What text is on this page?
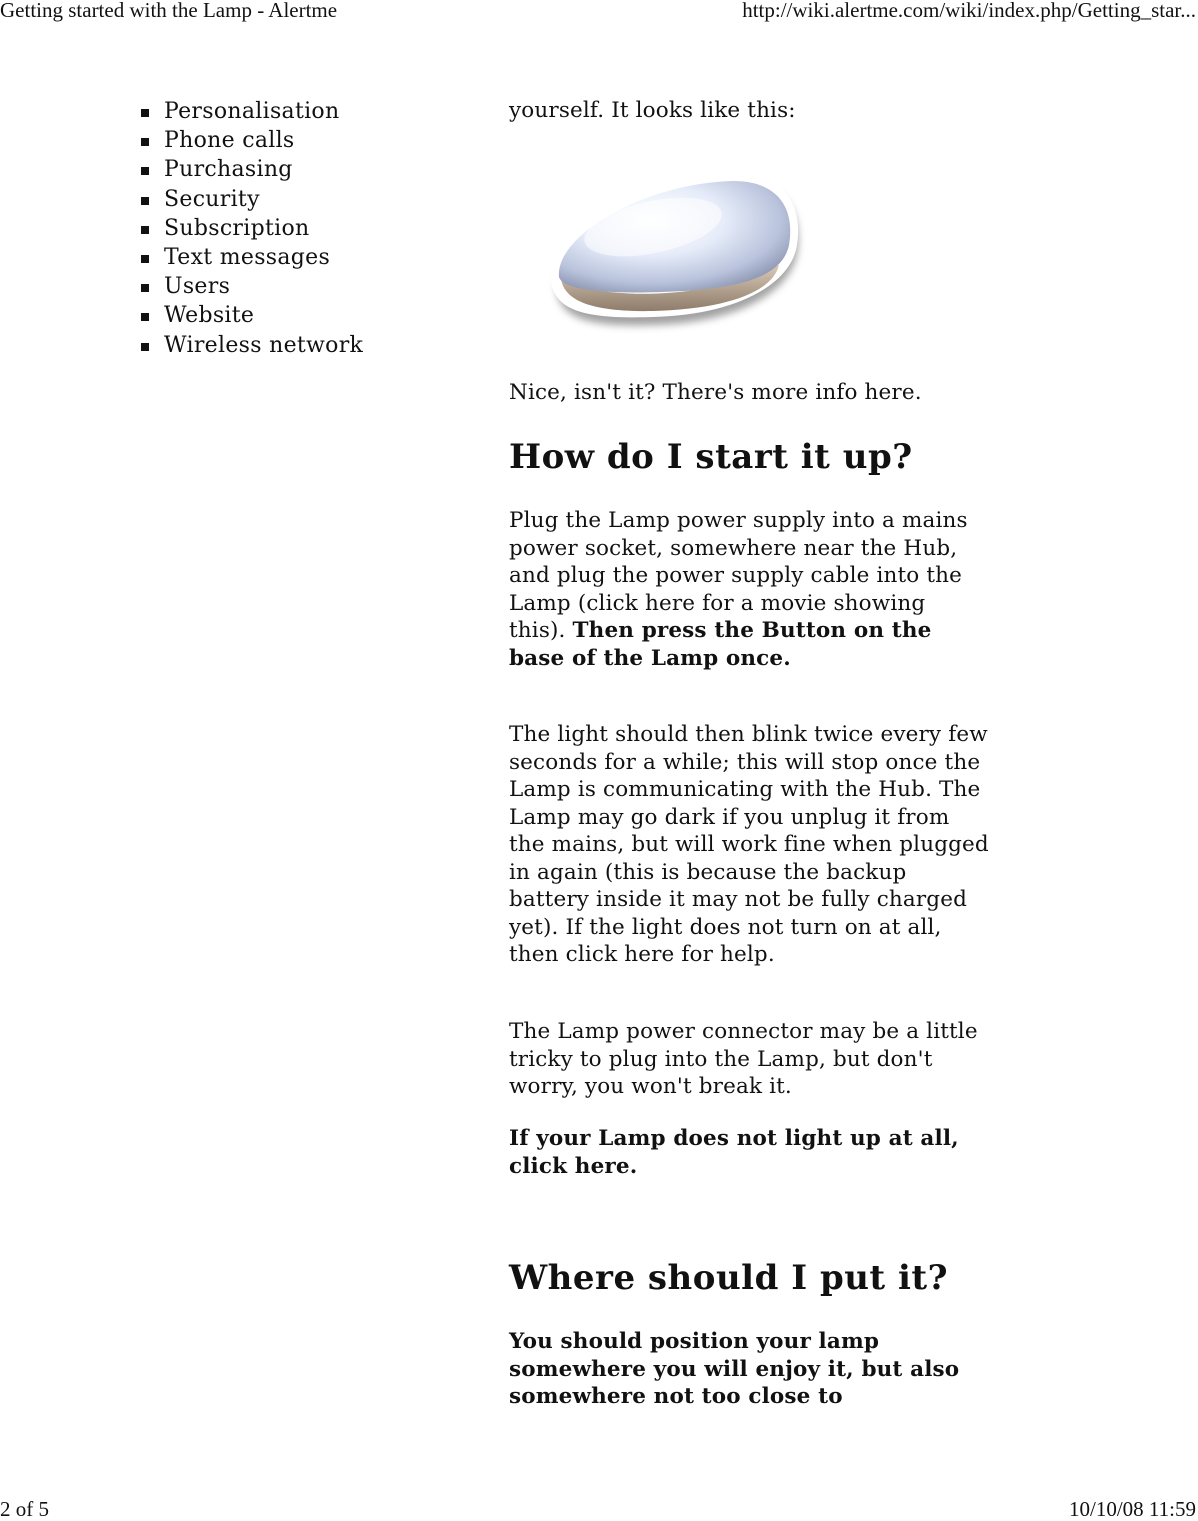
Getting started with the Lamp - Alertme	http://wiki.alertme.com/wiki/index.php/Getting_star...
Personalisation
Phone calls
Purchasing
Security
Subscription
Text messages
Users
Website
Wireless network

yourself. It looks like this:

Nice, isn't it? There's more info here.

How do I start it up?

Plug the Lamp power supply into a mains power socket, somewhere near the Hub, and plug the power supply cable into the Lamp (click here for a movie showing this). Then press the Button on the base of the Lamp once.

The light should then blink twice every few seconds for a while; this will stop once the Lamp is communicating with the Hub. The Lamp may go dark if you unplug it from the mains, but will work fine when plugged in again (this is because the backup battery inside it may not be fully charged yet). If the light does not turn on at all, then click here for help.

The Lamp power connector may be a little tricky to plug into the Lamp, but don't worry, you won't break it.

If your Lamp does not light up at all, click here.

Where should I put it?

You should position your lamp somewhere you will enjoy it, but also somewhere not too close to

2 of 5	10/10/08 11:59
